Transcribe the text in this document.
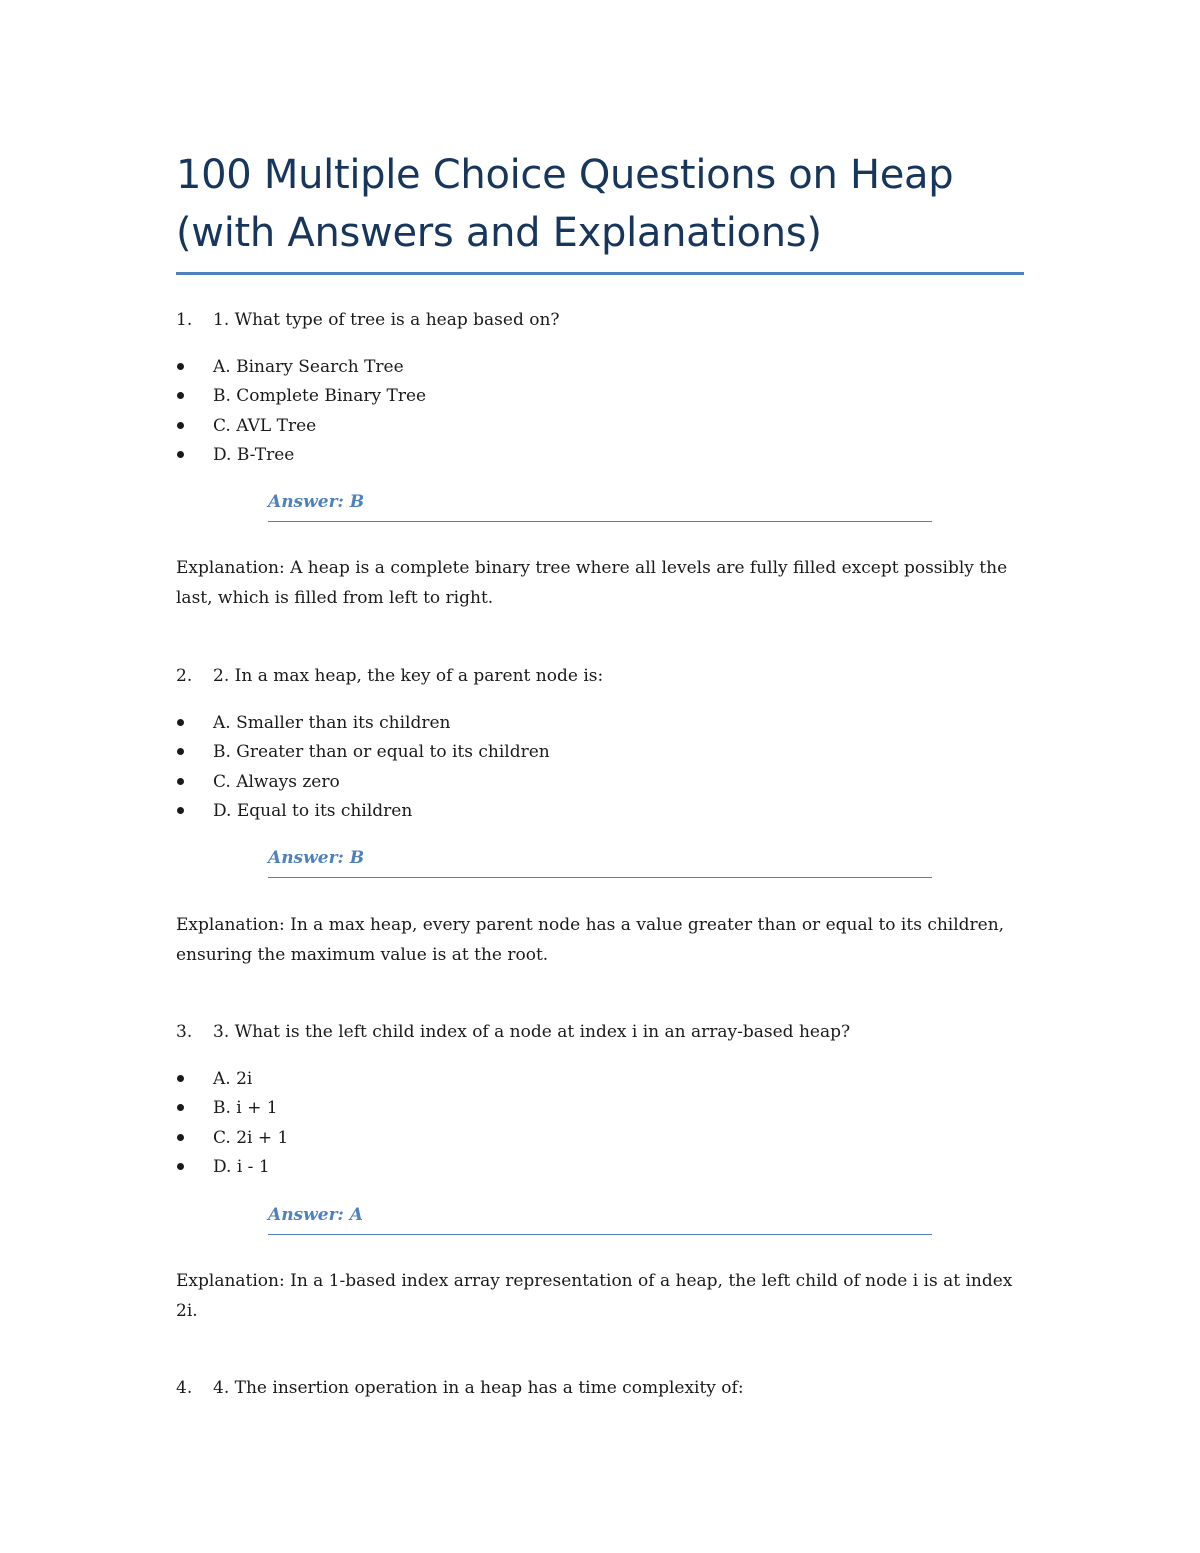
100 Multiple Choice Questions on Heap (with Answers and Explanations)
1. 1. What type of tree is a heap based on?
A. Binary Search Tree
B. Complete Binary Tree
C. AVL Tree
D. B-Tree
Answer: B
Explanation: A heap is a complete binary tree where all levels are fully filled except possibly the last, which is filled from left to right.
2. 2. In a max heap, the key of a parent node is:
A. Smaller than its children
B. Greater than or equal to its children
C. Always zero
D. Equal to its children
Answer: B
Explanation: In a max heap, every parent node has a value greater than or equal to its children, ensuring the maximum value is at the root.
3. 3. What is the left child index of a node at index i in an array-based heap?
A. 2i
B. i + 1
C. 2i + 1
D. i - 1
Answer: A
Explanation: In a 1-based index array representation of a heap, the left child of node i is at index 2i.
4. 4. The insertion operation in a heap has a time complexity of:
